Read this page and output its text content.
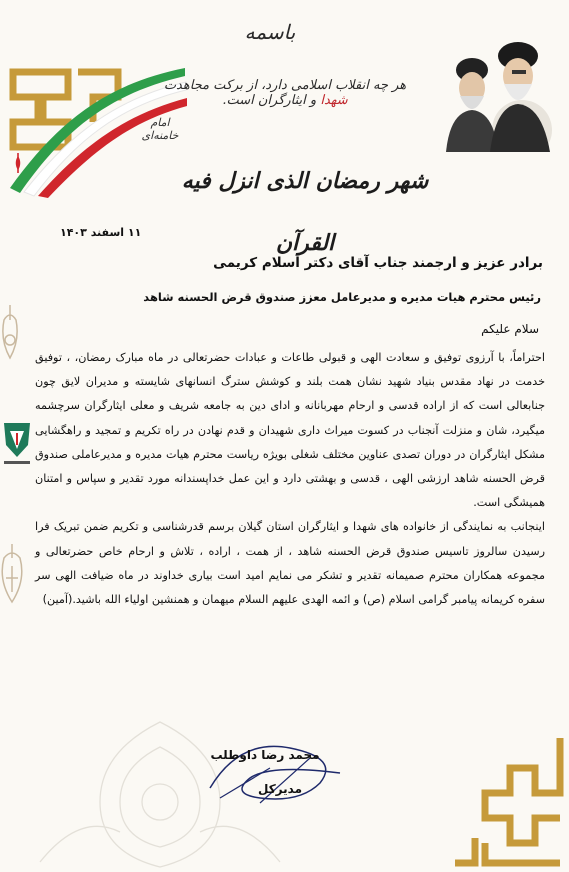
باسمه
هر چه انقلاب اسلامی دارد، از برکت مجاهدت شهدا و ایثارگران است.
امام خامنه‌ای
شهر رمضان الذی انزل فیه القرآن
۱۱ اسفند ۱۴۰۳
برادر عزیز و ارجمند جناب آقای دکتر اسلام کریمی
رئیس محترم هیات مدیره و مدیرعامل معزز صندوق قرض الحسنه شاهد
سلام علیکم

احتراماً، با آرزوی توفیق و سعادت الهی و قبولی طاعات و عبادات حضرتعالی در ماه مبارک رمضان، ، توفیق خدمت در نهاد مقدس بنیاد شهید نشان همت بلند و کوشش سترگ انسانهای شایسته و مدیران لایق چون جنابعالی است که از اراده قدسی و ارحام مهربانانه و ادای دین به جامعه شریف و معلی ایثارگران سرچشمه میگیرد، شان و منزلت آنجناب در کسوت میراث داری شهیدان و قدم نهادن در راه تکریم و تمجید و راهگشایی مشکل ایثارگران در دوران تصدی عناوین مختلف شغلی بویژه ریاست محترم هیات مدیره و مدیرعاملی صندوق قرض الحسنه شاهد ارزشی الهی ، قدسی و بهشتی دارد و این عمل خداپسندانه مورد تقدیر و سپاس و امتنان همیشگی است.

اینجانب به نمایندگی از خانواده های شهدا و ایثارگران استان گیلان برسم قدرشناسی و تکریم ضمن تبریک فرا رسیدن سالروز تاسیس صندوق قرض الحسنه شاهد ، از همت ، اراده ، تلاش و ارحام خاص حضرتعالی و مجموعه همکاران محترم صمیمانه تقدیر و تشکر می نمایم امید است بیاری خداوند در ماه ضیافت الهی سر سفره کریمانه پیامبر گرامی اسلام (ص) و ائمه الهدی علیهم السلام میهمان و همنشین اولیاء الله باشید.(آمین)

محمد رضا داوطلب
مدیرکل
